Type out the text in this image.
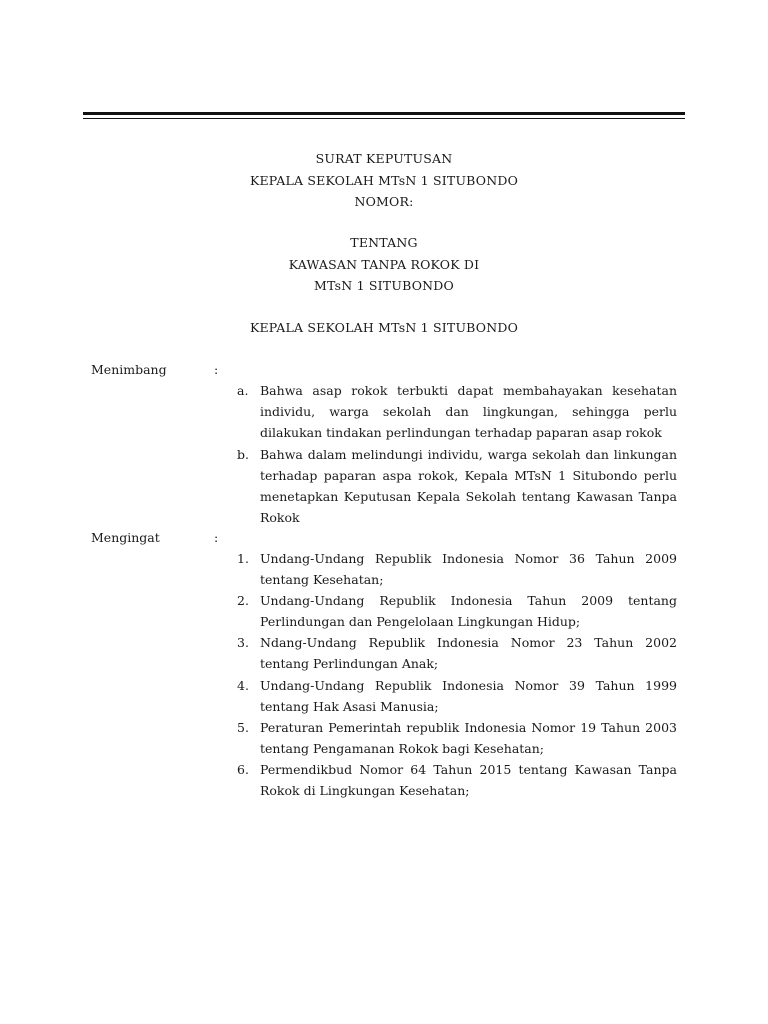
SURAT KEPUTUSAN
KEPALA SEKOLAH MTsN 1 SITUBONDO
NOMOR:
TENTANG
KAWASAN TANPA ROKOK DI
MTsN 1 SITUBONDO
KEPALA SEKOLAH MTsN 1 SITUBONDO
Menimbang	:
a. Bahwa asap rokok terbukti dapat membahayakan kesehatan individu, warga sekolah dan lingkungan, sehingga perlu dilakukan tindakan perlindungan terhadap paparan asap rokok
b. Bahwa dalam melindungi individu, warga sekolah dan linkungan terhadap paparan aspa rokok, Kepala MTsN 1 Situbondo perlu menetapkan Keputusan Kepala Sekolah tentang Kawasan Tanpa Rokok
Mengingat	:
1. Undang-Undang Republik Indonesia Nomor 36 Tahun 2009 tentang Kesehatan;
2. Undang-Undang Republik Indonesia Tahun 2009 tentang Perlindungan dan Pengelolaan Lingkungan Hidup;
3. Ndang-Undang Republik Indonesia Nomor 23 Tahun 2002 tentang Perlindungan Anak;
4. Undang-Undang Republik Indonesia Nomor 39 Tahun 1999 tentang Hak Asasi Manusia;
5. Peraturan Pemerintah republik Indonesia Nomor 19 Tahun 2003 tentang Pengamanan Rokok bagi Kesehatan;
6. Permendikbud Nomor 64 Tahun 2015 tentang Kawasan Tanpa Rokok di Lingkungan Kesehatan;
